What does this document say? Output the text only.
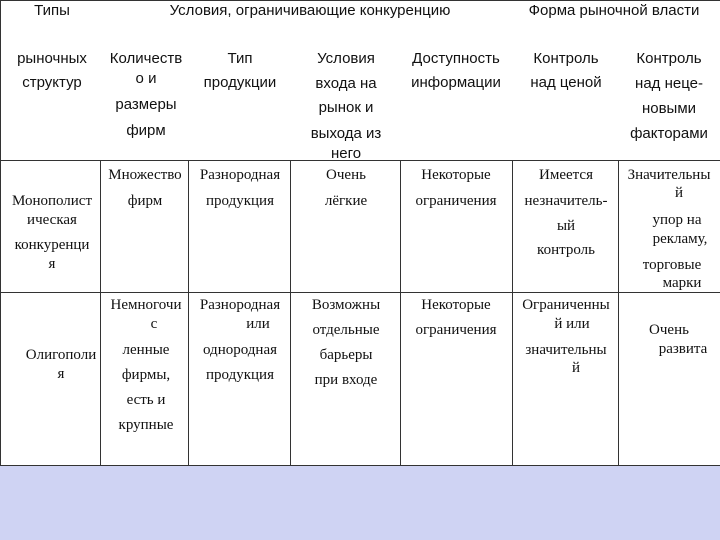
Типы
рыночных
структур
Условия, ограничивающие конкуренцию	Форма рыночной власти
Количеств
о и
размеры
фирм
Тип
продукции
Условия
входа на
рынок и
выхода из
него
Доступность
информации
Контроль
над ценой
Контроль
над неце-
новыми
факторами
Монополист
ическая
конкуренци
я
Множество
фирм
Разнородная
продукция
Очень
лёгкие
Некоторые
ограничения
Имеется
незначитель-
ый
контроль
Значительны
й
упор на
рекламу,
торговые
марки
Олигополи
я
Немногочи
с
ленные
фирмы,
есть и
крупные
Разнородная
или
однородная
продукция
Возможны
отдельные
барьеры
при входе
Некоторые
ограничения
Ограниченны
й или
значительны
й
Очень
развита
